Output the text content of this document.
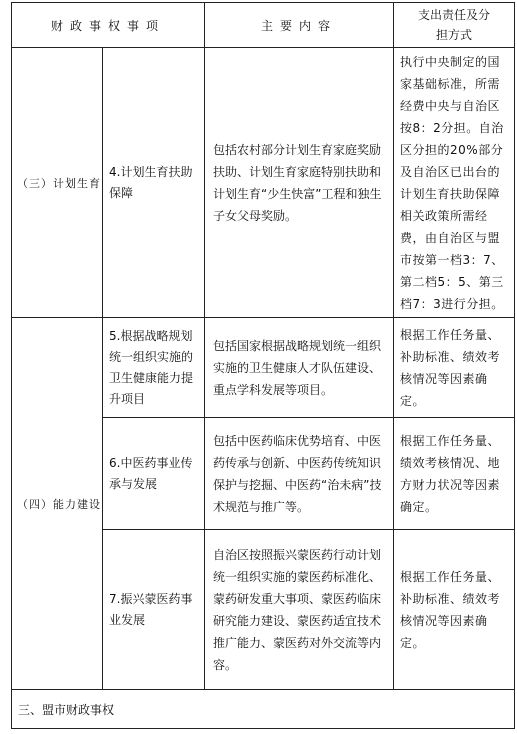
财政事权事项		主要内容	支出责任及分担方式
（三）计划生育	4.计划生育扶助保障	包括农村部分计划生育家庭奖励扶助、计划生育家庭特别扶助和计划生育“少生快富”工程和独生子女父母奖励。	执行中央制定的国家基础标准，所需经费中央与自治区按8：2分担。自治区分担的20%部分及自治区已出台的计划生育扶助保障相关政策所需经费，由自治区与盟市按第一档3：7、第二档5：5、第三档7：3进行分担。
（四）能力建设	5.根据战略规划统一组织实施的卫生健康能力提升项目	包括国家根据战略规划统一组织实施的卫生健康人才队伍建设、重点学科发展等项目。	根据工作任务量、补助标准、绩效考核情况等因素确定。
	6.中医药事业传承与发展	包括中医药临床优势培育、中医药传承与创新、中医药传统知识保护与挖掘、中医药“治未病”技术规范与推广等。	根据工作任务量、绩效考核情况、地方财力状况等因素确定。
	7.振兴蒙医药事业发展	自治区按照振兴蒙医药行动计划统一组织实施的蒙医药标准化、蒙药研发重大事项、蒙医药临床研究能力建设、蒙医药适宜技术推广能力、蒙医药对外交流等内容。	根据工作任务量、补助标准、绩效考核情况等因素确定。
三、盟市财政事权			
